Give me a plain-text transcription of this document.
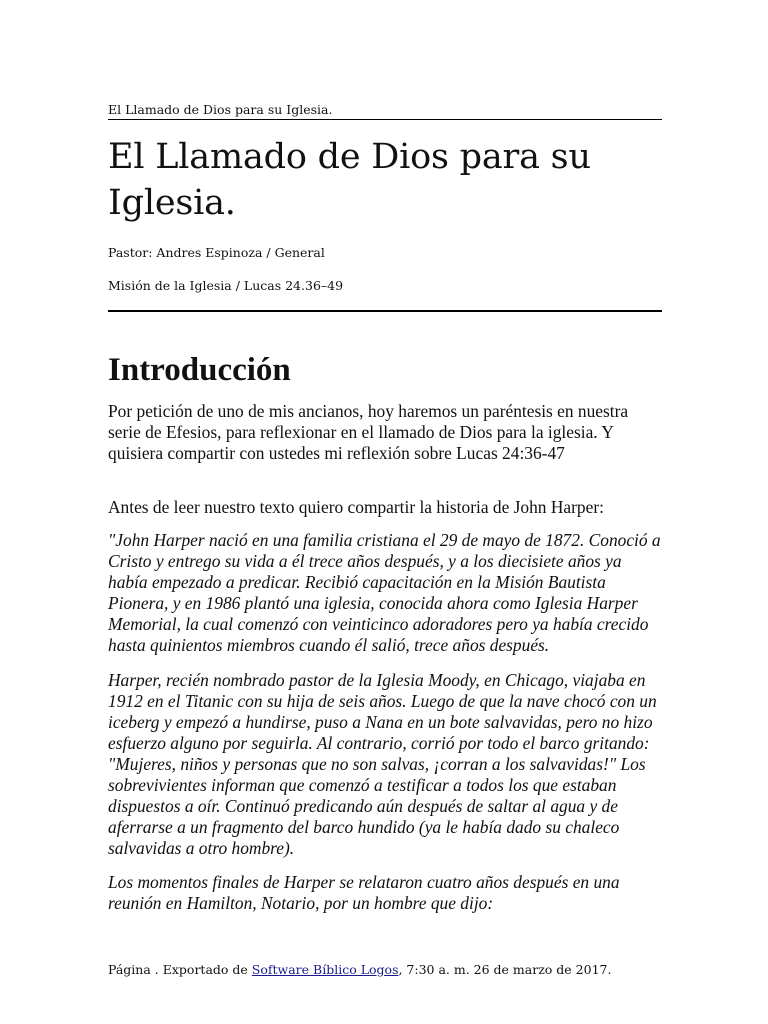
El Llamado de Dios para su Iglesia.
El Llamado de Dios para su Iglesia.
Pastor: Andres Espinoza / General
Misión de la Iglesia / Lucas 24.36–49
Introducción

Por petición de uno de mis ancianos, hoy haremos un paréntesis en nuestra serie de Efesios, para reflexionar en el llamado de Dios para la iglesia. Y quisiera compartir con ustedes mi reflexión sobre Lucas 24:36-47

Antes de leer nuestro texto quiero compartir la historia de John Harper:

"John Harper nació en una familia cristiana el 29 de mayo de 1872. Conoció a Cristo y entrego su vida a él trece años después, y a los diecisiete años ya había empezado a predicar. Recibió capacitación en la Misión Bautista Pionera, y en 1986 plantó una iglesia, conocida ahora como Iglesia Harper Memorial, la cual comenzó con veinticinco adoradores pero ya había crecido hasta quinientos miembros cuando él salió, trece años después.

Harper, recién nombrado pastor de la Iglesia Moody, en Chicago, viajaba en 1912 en el Titanic con su hija de seis años. Luego de que la nave chocó con un iceberg y empezó a hundirse, puso a Nana en un bote salvavidas, pero no hizo esfuerzo alguno por seguirla. Al contrario, corrió por todo el barco gritando: "Mujeres, niños y personas que no son salvas, ¡corran a los salvavidas!" Los sobrevivientes informan que comenzó a testificar a todos los que estaban dispuestos a oír. Continuó predicando aún después de saltar al agua y de aferrarse a un fragmento del barco hundido (ya le había dado su chaleco salvavidas a otro hombre).

Los momentos finales de Harper se relataron cuatro años después en una reunión en Hamilton, Notario, por un hombre que dijo:

Página . Exportado de Software Bíblico Logos, 7:30 a. m. 26 de marzo de 2017.
